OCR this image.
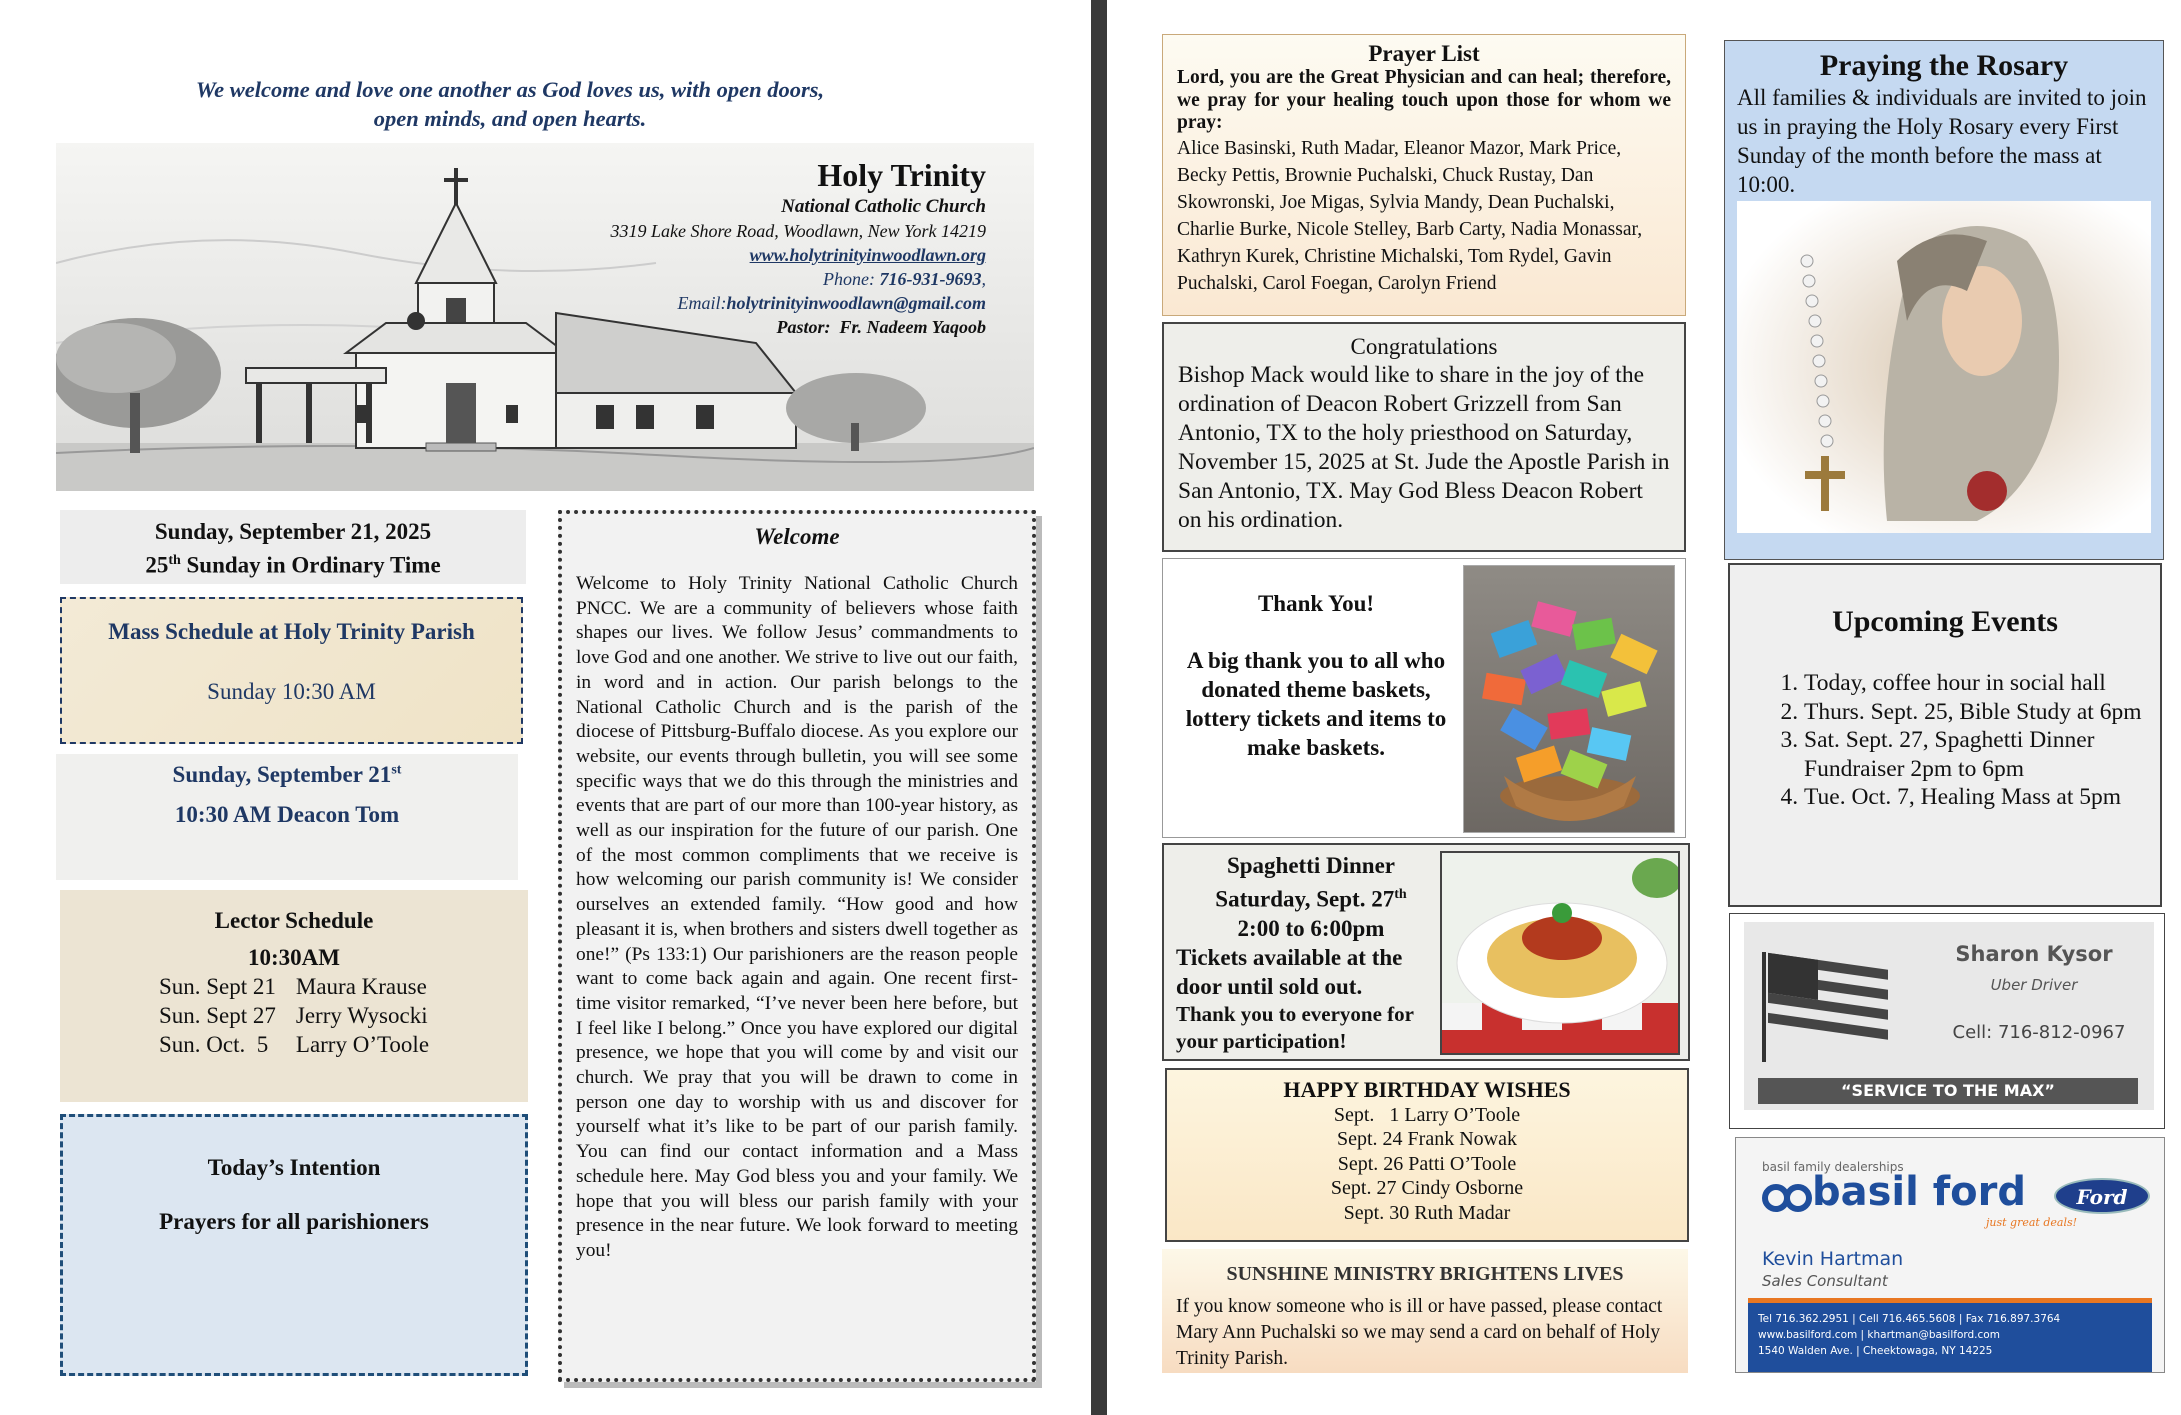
We welcome and love one another as God loves us, with open doors,
open minds, and open hearts.
Holy Trinity
National Catholic Church
3319 Lake Shore Road, Woodlawn, New York 14219
www.holytrinityinwoodlawn.org
Phone: 716-931-9693,
Email:holytrinityinwoodlawn@gmail.com
Pastor: Fr. Nadeem Yaqoob
Sunday, September 21, 2025
25th Sunday in Ordinary Time
Mass Schedule at Holy Trinity Parish
Sunday 10:30 AM
Sunday, September 21st
10:30 AM Deacon Tom
Lector Schedule
10:30AM
Sun. Sept 21	Maura Krause
Sun. Sept 27	Jerry Wysocki
Sun. Oct.  5	Larry O’Toole
Today’s Intention
Prayers for all parishioners
Welcome
Welcome to Holy Trinity National Catholic Church PNCC. We are a community of believers whose faith shapes our lives. We follow Jesus’ commandments to love God and one another. We strive to live out our faith, in word and in action. Our parish belongs to the National Catholic Church and is the parish of the diocese of Pittsburg-Buffalo diocese. As you explore our website, our events through bulletin, you will see some specific ways that we do this through the ministries and events that are part of our more than 100-year history, as well as our inspiration for the future of our parish. One of the most common compliments that we receive is how welcoming our parish community is! We consider ourselves an extended family. “How good and how pleasant it is, when brothers and sisters dwell together as one!” (Ps 133:1) Our parishioners are the reason people want to come back again and again. One recent first-time visitor remarked, “I’ve never been here before, but I feel like I belong.” Once you have explored our digital presence, we hope that you will come by and visit our church. We pray that you will be drawn to come in person one day to worship with us and discover for yourself what it’s like to be part of our parish family. You can find our contact information and a Mass schedule here. May God bless you and your family. We hope that you will bless our parish family with your presence in the near future. We look forward to meeting you!
Prayer List
Lord, you are the Great Physician and can heal; therefore, we pray for your healing touch upon those for whom we pray:
Alice Basinski, Ruth Madar, Eleanor Mazor, Mark Price, Becky Pettis, Brownie Puchalski, Chuck Rustay, Dan Skowronski, Joe Migas, Sylvia Mandy, Dean Puchalski, Charlie Burke, Nicole Stelley, Barb Carty, Nadia Monassar, Kathryn Kurek, Christine Michalski, Tom Rydel, Gavin Puchalski, Carol Foegan, Carolyn Friend
Congratulations
Bishop Mack would like to share in the joy of the ordination of Deacon Robert Grizzell from San Antonio, TX to the holy priesthood on Saturday, November 15, 2025 at St. Jude the Apostle Parish in San Antonio, TX. May God Bless Deacon Robert on his ordination.
Thank You!
A big thank you to all who donated theme baskets, lottery tickets and items to make baskets.
Spaghetti Dinner
Saturday, Sept. 27th
2:00 to 6:00pm
Tickets available at the door until sold out.
Thank you to everyone for your participation!
HAPPY BIRTHDAY WISHES
Sept.   1 Larry O’Toole
Sept. 24 Frank Nowak
Sept. 26 Patti O’Toole
Sept. 27 Cindy Osborne
Sept. 30 Ruth Madar
SUNSHINE MINISTRY BRIGHTENS LIVES
If you know someone who is ill or have passed, please contact Mary Ann Puchalski so we may send a card on behalf of Holy Trinity Parish.
Praying the Rosary
All families & individuals are invited to join us in praying the Holy Rosary every First Sunday of the month before the mass at 10:00.
Upcoming Events
1. Today, coffee hour in social hall
2. Thurs. Sept. 25, Bible Study at 6pm
3. Sat. Sept. 27, Spaghetti Dinner Fundraiser 2pm to 6pm
4. Tue. Oct. 7, Healing Mass at 5pm
Sharon Kysor
Uber Driver
Cell: 716-812-0967
“SERVICE TO THE MAX”
basil family dealerships
basil ford
just great deals!
Ford
Kevin Hartman
Sales Consultant
Tel 716.362.2951 | Cell 716.465.5608 | Fax 716.897.3764
www.basilford.com | khartman@basilford.com
1540 Walden Ave. | Cheektowaga, NY 14225
